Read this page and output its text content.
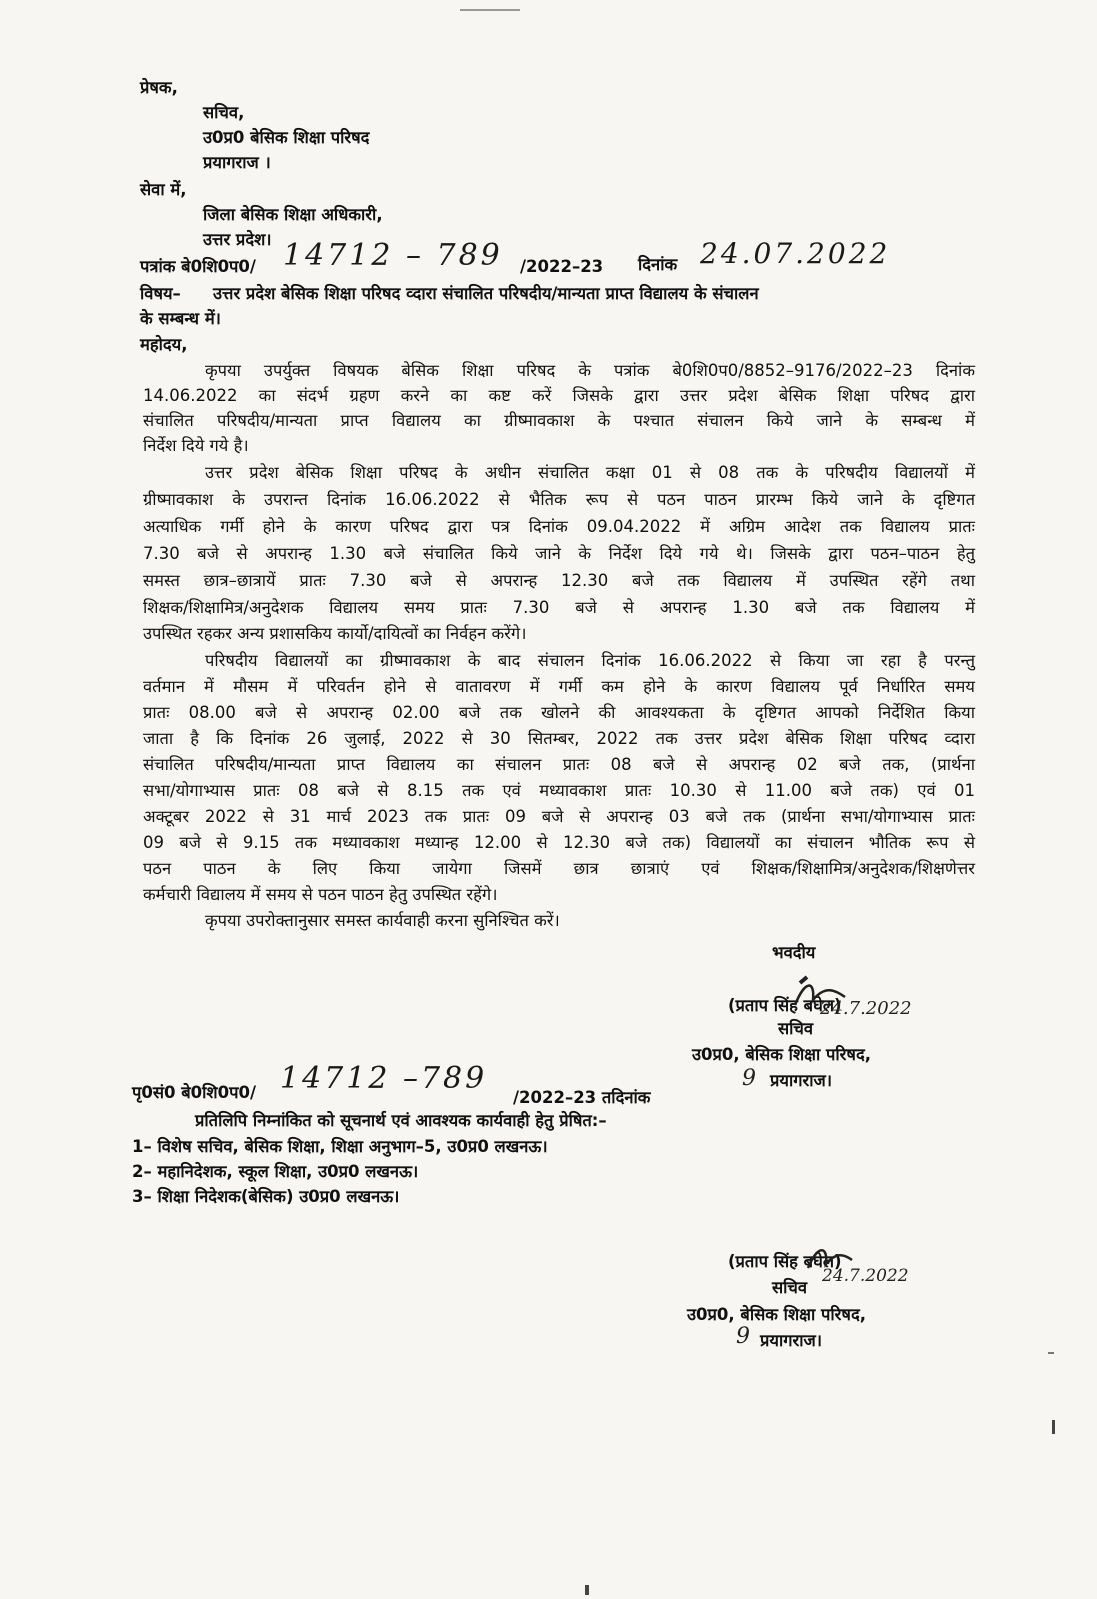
प्रेषक,
सचिव,
उ0प्र0 बेसिक शिक्षा परिषद
प्रयागराज ।
सेवा में,
जिला बेसिक शिक्षा अधिकारी,
उत्तर प्रदेश।
पत्रांक बे0शि0प0/ 14712 – 789 /2022–23 दिनांक 24.07.2022
विषय– उत्तर प्रदेश बेसिक शिक्षा परिषद व्दारा संचालित परिषदीय/मान्यता प्राप्त विद्यालय के संचालन
के सम्बन्ध में।
महोदय,
कृपया उपर्युक्त विषयक बेसिक शिक्षा परिषद के पत्रांक बे0शि0प0/8852–9176/2022–23 दिनांक
14.06.2022 का संदर्भ ग्रहण करने का कष्ट करें जिसके द्वारा उत्तर प्रदेश बेसिक शिक्षा परिषद द्वारा
संचालित परिषदीय/मान्यता प्राप्त विद्यालय का ग्रीष्मावकाश के पश्चात संचालन किये जाने के सम्बन्ध में
निर्देश दिये गये है।
उत्तर प्रदेश बेसिक शिक्षा परिषद के अधीन संचालित कक्षा 01 से 08 तक के परिषदीय विद्यालयों में
ग्रीष्मावकाश के उपरान्त दिनांक 16.06.2022 से भैतिक रूप से पठन पाठन प्रारम्भ किये जाने के दृष्टिगत
अत्याधिक गर्मी होने के कारण परिषद द्वारा पत्र दिनांक 09.04.2022 में अग्रिम आदेश तक विद्यालय प्रातः
7.30 बजे से अपरान्ह 1.30 बजे संचालित किये जाने के निर्देश दिये गये थे। जिसके द्वारा पठन–पाठन हेतु
समस्त छात्र–छात्रायें प्रातः 7.30 बजे से अपरान्ह 12.30 बजे तक विद्यालय में उपस्थित रहेंगे तथा
शिक्षक/शिक्षामित्र/अनुदेशक विद्यालय समय प्रातः 7.30 बजे से अपरान्ह 1.30 बजे तक विद्यालय में
उपस्थित रहकर अन्य प्रशासकिय कार्यो/दायित्वों का निर्वहन करेंगे।
परिषदीय विद्यालयों का ग्रीष्मावकाश के बाद संचालन दिनांक 16.06.2022 से किया जा रहा है परन्तु
वर्तमान में मौसम में परिवर्तन होने से वातावरण में गर्मी कम होने के कारण विद्यालय पूर्व निर्धारित समय
प्रातः 08.00 बजे से अपरान्ह 02.00 बजे तक खोलने की आवश्यकता के दृष्टिगत आपको निर्देशित किया
जाता है कि दिनांक 26 जुलाई, 2022 से 30 सितम्बर, 2022 तक उत्तर प्रदेश बेसिक शिक्षा परिषद व्दारा
संचालित परिषदीय/मान्यता प्राप्त विद्यालय का संचालन प्रातः 08 बजे से अपरान्ह 02 बजे तक, (प्रार्थना
सभा/योगाभ्यास प्रातः 08 बजे से 8.15 तक एवं मध्यावकाश प्रातः 10.30 से 11.00 बजे तक) एवं 01
अक्टूबर 2022 से 31 मार्च 2023 तक प्रातः 09 बजे से अपरान्ह 03 बजे तक (प्रार्थना सभा/योगाभ्यास प्रातः
09 बजे से 9.15 तक मध्यावकाश मध्यान्ह 12.00 से 12.30 बजे तक) विद्यालयों का संचालन भौतिक रूप से
पठन पाठन के लिए किया जायेगा जिसमें छात्र छात्राएं एवं शिक्षक/शिक्षामित्र/अनुदेशक/शिक्षणेत्तर
कर्मचारी विद्यालय में समय से पठन पाठन हेतु उपस्थित रहेंगे।
कृपया उपरोक्तानुसार समस्त कार्यवाही करना सुनिश्चित करें।
भवदीय
(प्रताप सिंह बघेल)
24.7.2022
सचिव
उ0प्र0, बेसिक शिक्षा परिषद,
9 प्रयागराज।
पृ0सं0 बे0शि0प0/ 14712 –789
/2022–23 तदिनांक
प्रतिलिपि निम्नांकित को सूचनार्थ एवं आवश्यक कार्यवाही हेतु प्रेषित:–
1– विशेष सचिव, बेसिक शिक्षा, शिक्षा अनुभाग–5, उ0प्र0 लखनऊ।
2– महानिदेशक, स्कूल शिक्षा, उ0प्र0 लखनऊ।
3– शिक्षा निदेशक(बेसिक) उ0प्र0 लखनऊ।
(प्रताप सिंह बघेल)
24.7.2022
सचिव
उ0प्र0, बेसिक शिक्षा परिषद,
9 प्रयागराज।
